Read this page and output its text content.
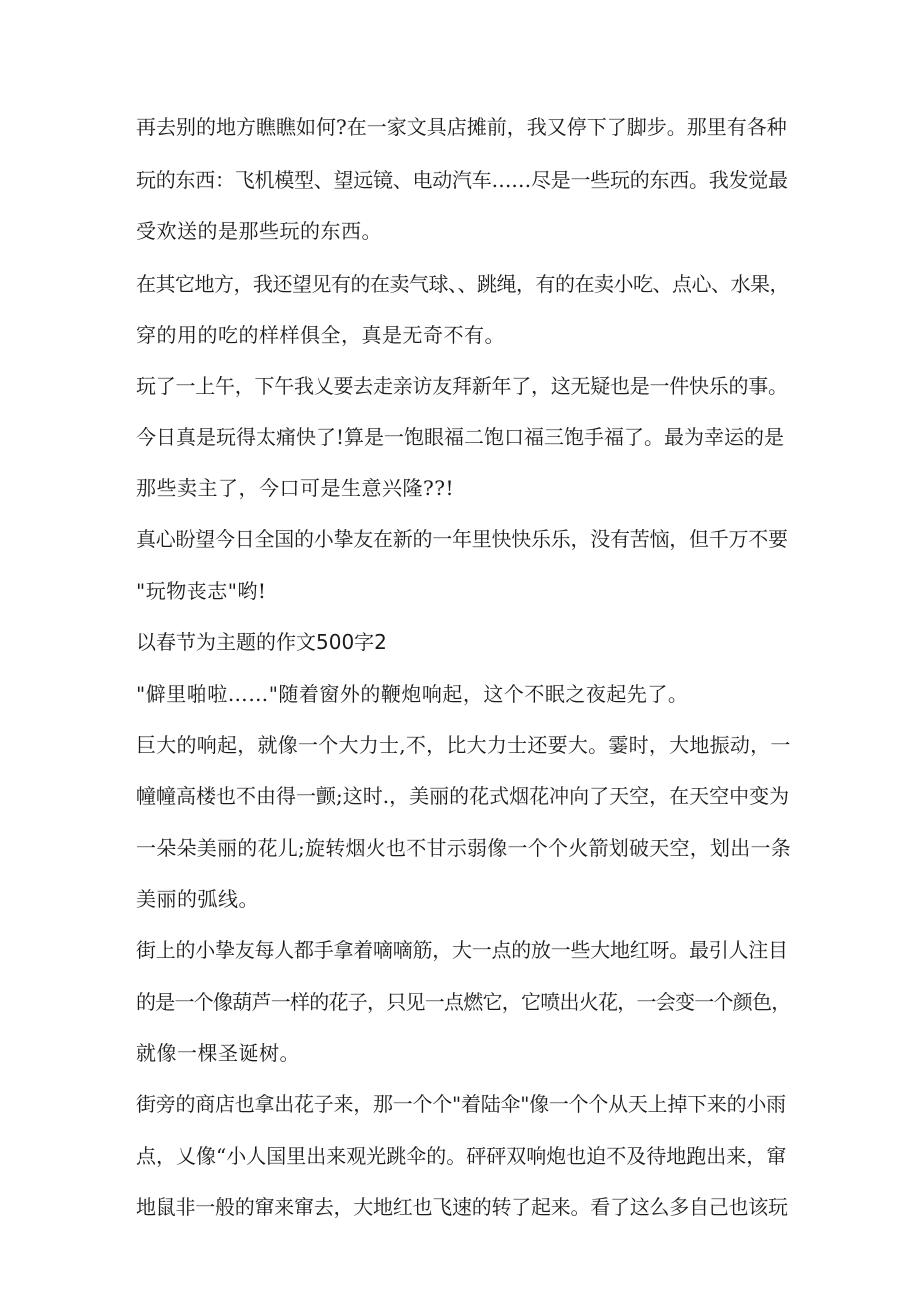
再去别的地方瞧瞧如何?在一家文具店摊前，我又停下了脚步。那里有各种
玩的东西：飞机模型、望远镜、电动汽车……尽是一些玩的东西。我发觉最
受欢送的是那些玩的东西。
在其它地方，我还望见有的在卖气球、、跳绳，有的在卖小吃、点心、水果，
穿的用的吃的样样俱全，真是无奇不有。
玩了一上午，下午我乂要去走亲访友拜新年了，这无疑也是一件快乐的事。
今日真是玩得太痛快了!算是一饱眼福二饱口福三饱手福了。最为幸运的是
那些卖主了，今口可是生意兴隆??!
真心盼望今日全国的小挚友在新的一年里快快乐乐，没有苦恼，但千万不要
"玩物丧志"哟!
以春节为主题的作文500字2
"僻里啪啦……"随着窗外的鞭炮响起，这个不眠之夜起先了。
巨大的响起，就像一个大力士,不，比大力士还要大。霎时，大地振动，一
幢幢高楼也不由得一颤;这时.，美丽的花式烟花冲向了天空，在天空中变为
一朵朵美丽的花儿;旋转烟火也不甘示弱像一个个火箭划破天空，划出一条
美丽的弧线。
街上的小挚友每人都手拿着嘀嘀筋，大一点的放一些大地红呀。最引人注目
的是一个像葫芦一样的花子，只见一点燃它，它喷出火花，一会变一个颜色，
就像一棵圣诞树。
街旁的商店也拿出花子来，那一个个"着陆伞"像一个个从天上掉下来的小雨
点，乂像“小人国里出来观光跳伞的。砰砰双响炮也迫不及待地跑出来，窜
地鼠非一般的窜来窜去，大地红也飞速的转了起来。看了这么多自己也该玩
